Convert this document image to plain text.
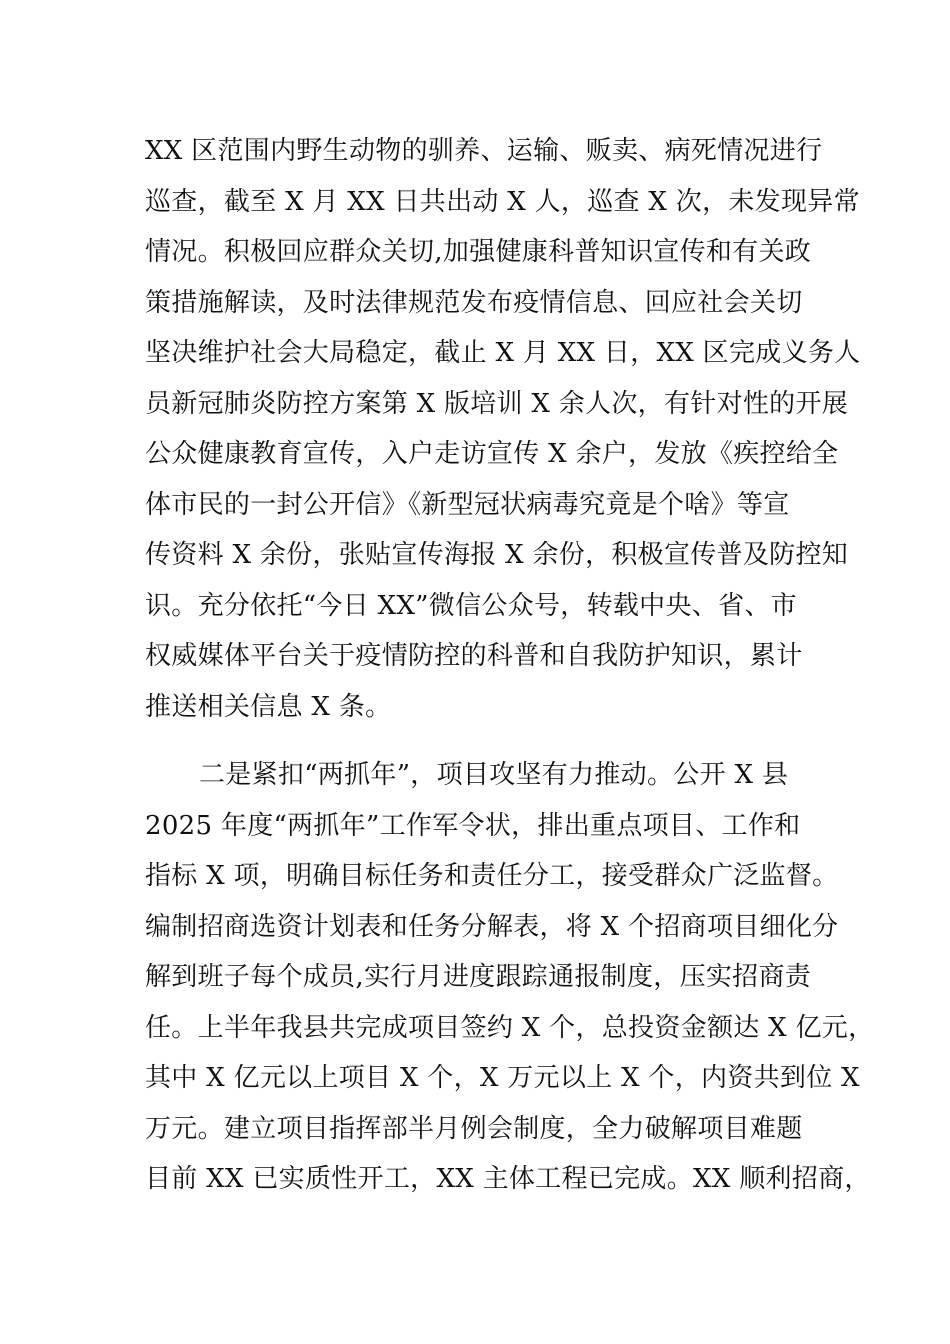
XX 区范围内野生动物的驯养、运输、贩卖、病死情况进行
巡查，截至 X 月 XX 日共出动 X 人，巡查 X 次，未发现异常
情况。积极回应群众关切,加强健康科普知识宣传和有关政
策措施解读，及时法律规范发布疫情信息、回应社会关切
坚决维护社会大局稳定，截止 X 月 XX 日，XX 区完成义务人
员新冠肺炎防控方案第 X 版培训 X 余人次，有针对性的开展
公众健康教育宣传，入户走访宣传 X 余户，发放《疾控给全
体市民的一封公开信》《新型冠状病毒究竟是个啥》等宣
传资料 X 余份，张贴宣传海报 X 余份，积极宣传普及防控知
识。充分依托“今日 XX”微信公众号，转载中央、省、市
权威媒体平台关于疫情防控的科普和自我防护知识，累计
推送相关信息 X 条。
二是紧扣“两抓年”，项目攻坚有力推动。公开 X 县
2025 年度“两抓年”工作军令状，排出重点项目、工作和
指标 X 项，明确目标任务和责任分工，接受群众广泛监督。
编制招商选资计划表和任务分解表，将 X 个招商项目细化分
解到班子每个成员,实行月进度跟踪通报制度，压实招商责
任。上半年我县共完成项目签约 X 个，总投资金额达 X 亿元，
其中 X 亿元以上项目 X 个，X 万元以上 X 个，内资共到位 X
万元。建立项目指挥部半月例会制度，全力破解项目难题
目前 XX 已实质性开工，XX 主体工程已完成。XX 顺利招商，
